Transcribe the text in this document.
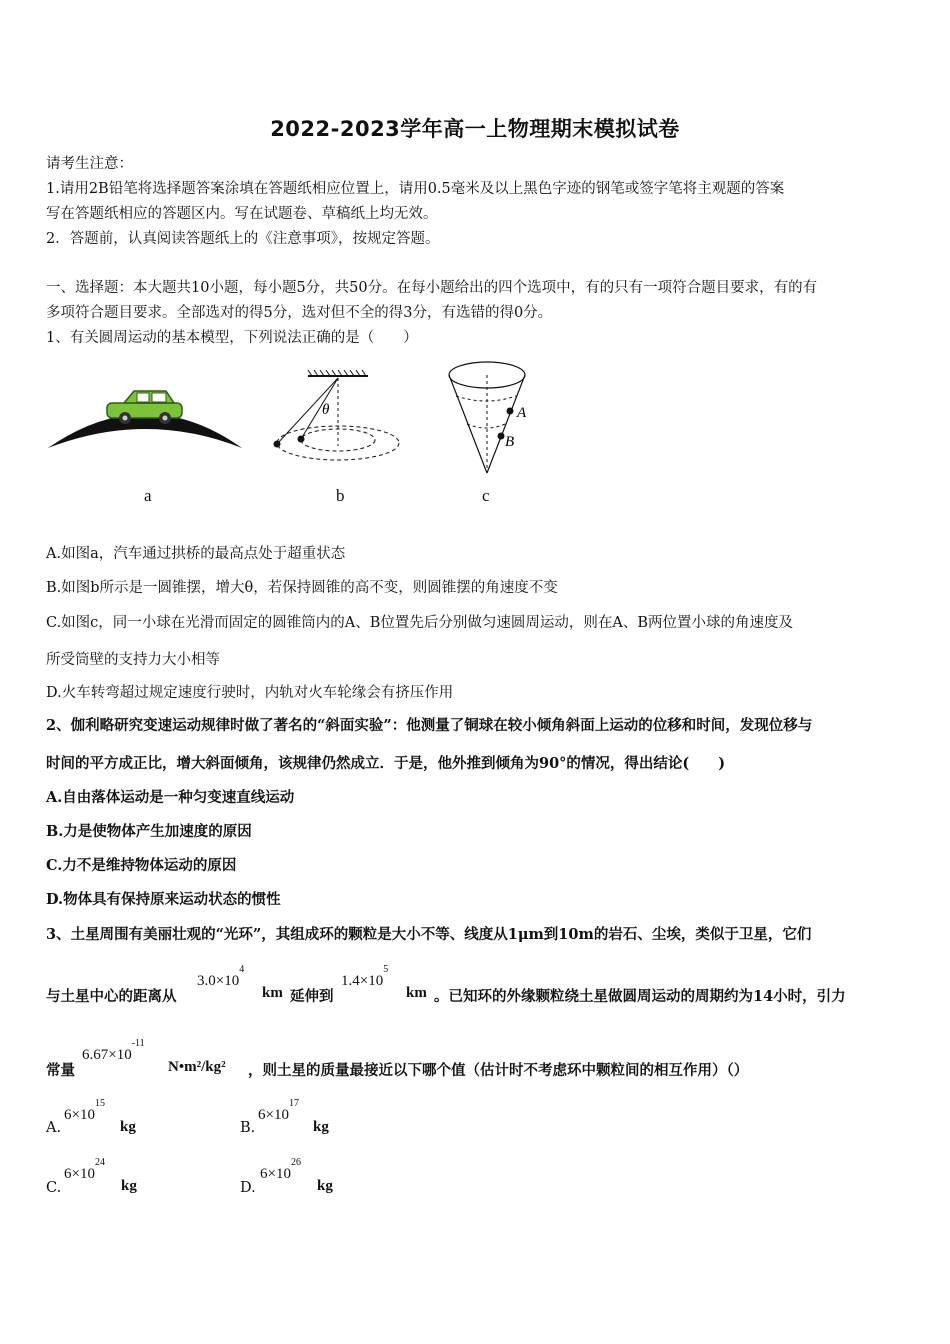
2022-2023学年高一上物理期末模拟试卷
请考生注意：
1.请用2B铅笔将选择题答案涂填在答题纸相应位置上，请用0.5毫米及以上黑色字迹的钢笔或签字笔将主观题的答案
写在答题纸相应的答题区内。写在试题卷、草稿纸上均无效。
2．答题前，认真阅读答题纸上的《注意事项》，按规定答题。
一、选择题：本大题共10小题，每小题5分，共50分。在每小题给出的四个选项中，有的只有一项符合题目要求，有的有
多项符合题目要求。全部选对的得5分，选对但不全的得3分，有选错的得0分。
1、有关圆周运动的基本模型，下列说法正确的是（　　）
a
θ
b
A
B
c
A.如图a，汽车通过拱桥的最高点处于超重状态
B.如图b所示是一圆锥摆，增大θ，若保持圆锥的高不变，则圆锥摆的角速度不变
C.如图c，同一小球在光滑而固定的圆锥筒内的A、B位置先后分别做匀速圆周运动，则在A、B两位置小球的角速度及
所受筒壁的支持力大小相等
D.火车转弯超过规定速度行驶时，内轨对火车轮缘会有挤压作用
2、伽利略研究变速运动规律时做了著名的“斜面实验”：他测量了铜球在较小倾角斜面上运动的位移和时间，发现位移与
时间的平方成正比，增大斜面倾角，该规律仍然成立．于是，他外推到倾角为90°的情况，得出结论(　　)
A.自由落体运动是一种匀变速直线运动
B.力是使物体产生加速度的原因
C.力不是维持物体运动的原因
D.物体具有保持原来运动状态的惯性
3、土星周围有美丽壮观的“光环”，其组成环的颗粒是大小不等、线度从1μm到10m的岩石、尘埃，类似于卫星，它们
与土星中心的距离从
$3.0\times 10^4$
km 延伸到
$1.4\times 10^5$
km 。已知环的外缘颗粒绕土星做圆周运动的周期约为14小时，引力
常量
$6.67\times 10^{-11}$
N•m²/kg² ，则土星的质量最接近以下哪个值（估计时不考虑环中颗粒间的相互作用）（）
A.
$6\times 10^{15}$
kg	B.
$6\times 10^{17}$
kg
C.
$6\times 10^{24}$
kg	D.
$6\times 10^{26}$
kg
